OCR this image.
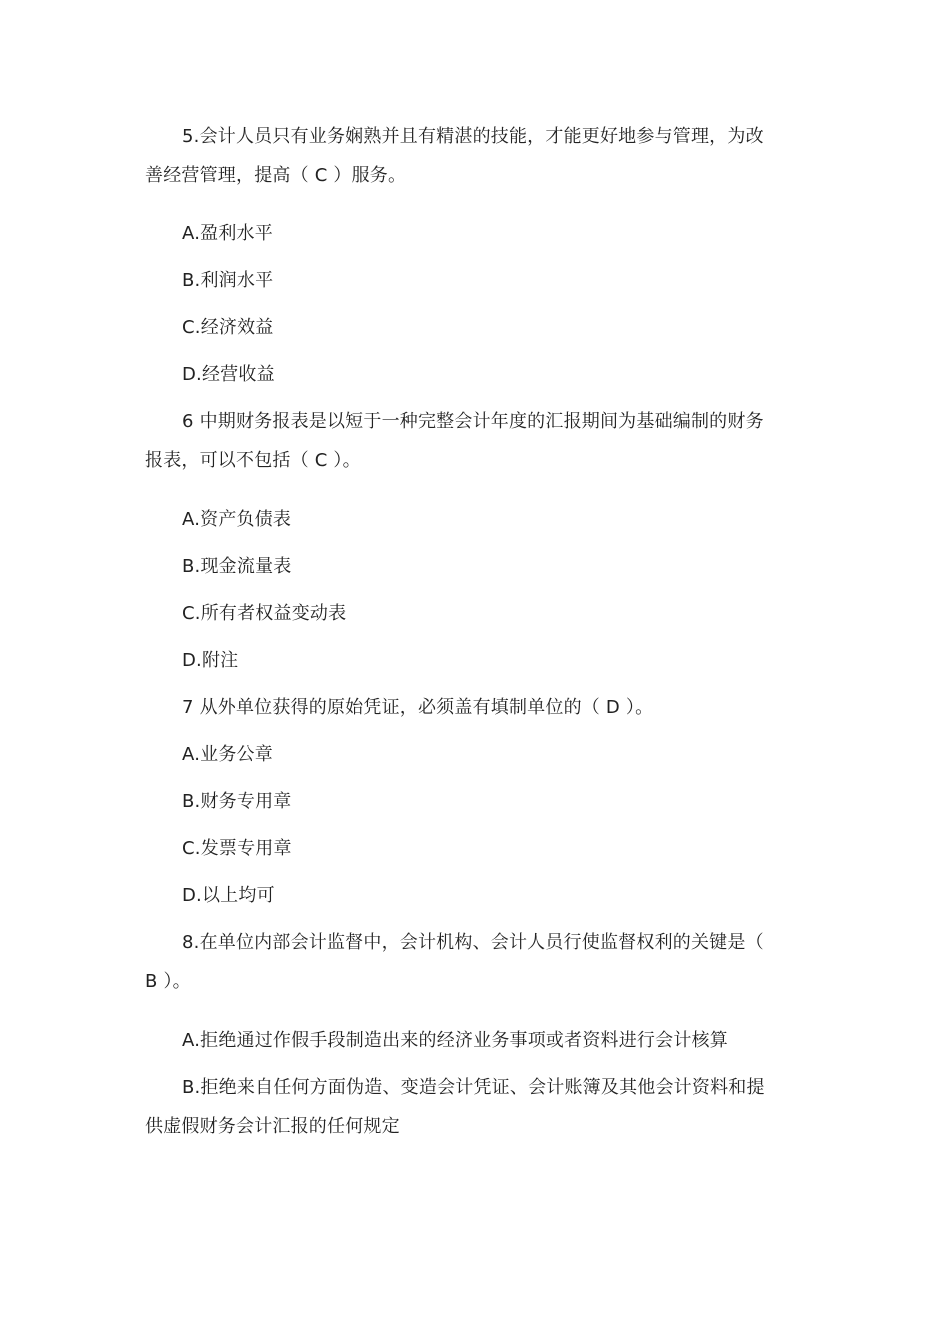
5.会计人员只有业务娴熟并且有精湛的技能，才能更好地参与管理，为改
善经营管理，提高（ C ）服务。
A.盈利水平
B.利润水平
C.经济效益
D.经营收益
6 中期财务报表是以短于一种完整会计年度的汇报期间为基础编制的财务
报表，可以不包括（ C ）。
A.资产负债表
B.现金流量表
C.所有者权益变动表
D.附注
7 从外单位获得的原始凭证，必须盖有填制单位的（ D ）。
A.业务公章
B.财务专用章
C.发票专用章
D.以上均可
8.在单位内部会计监督中，会计机构、会计人员行使监督权利的关键是（
B ）。
A.拒绝通过作假手段制造出来的经济业务事项或者资料进行会计核算
B.拒绝来自任何方面伪造、变造会计凭证、会计账簿及其他会计资料和提
供虚假财务会计汇报的任何规定
